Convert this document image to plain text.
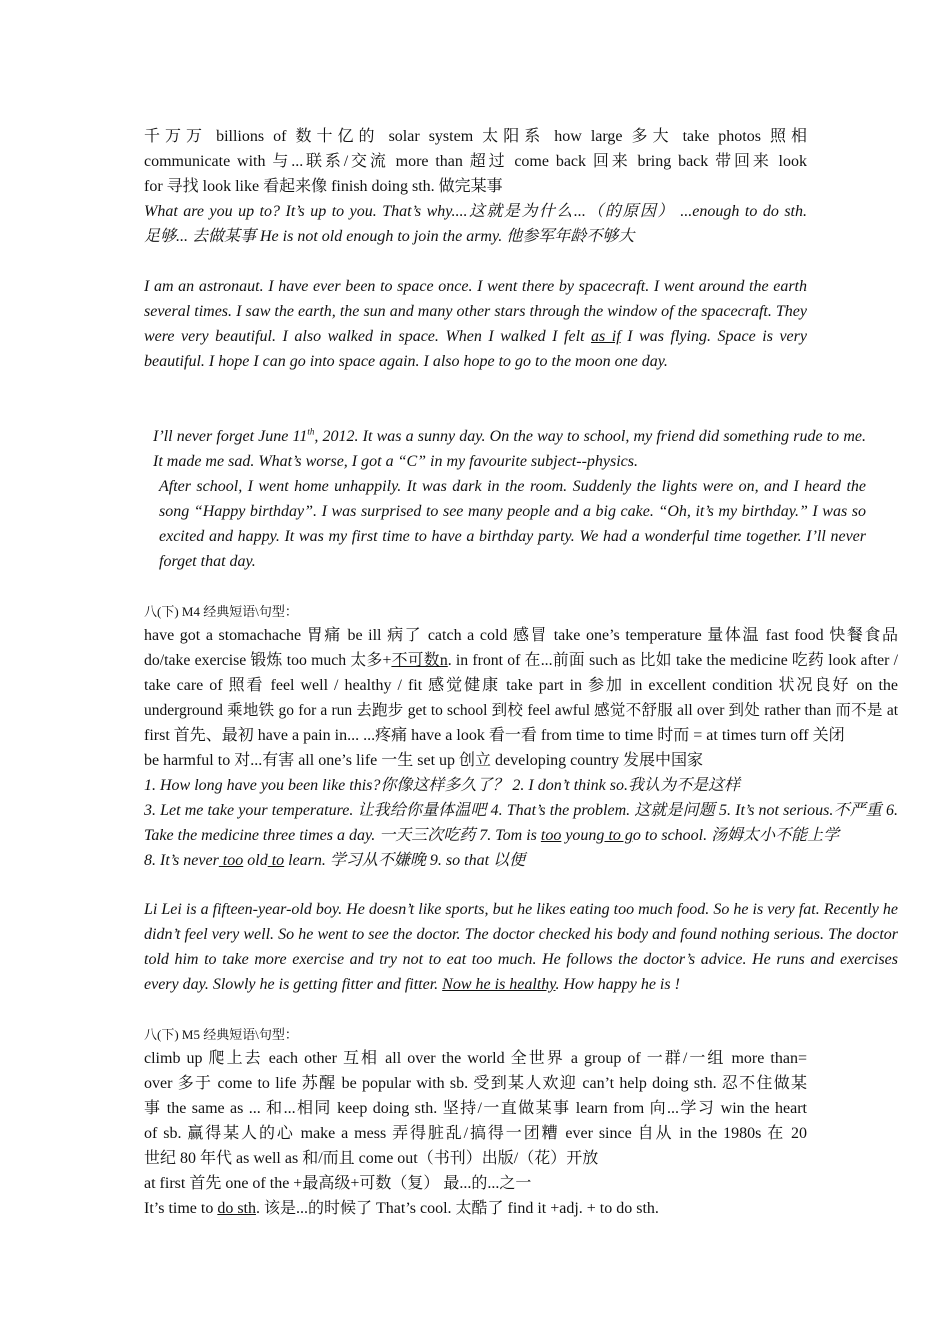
千万万 billions of 数十亿的 solar system 太阳系 how large 多大 take photos 照相
communicate with 与...联系/交流 more than 超过 come back 回来 bring back 带回来 look
for 寻找 look like 看起来像 finish doing sth. 做完某事
What are you up to? It’s up to you. That’s why....这就是为什么...（的原因） ...enough to do sth.
足够... 去做某事 He is not old enough to join the army. 他参军年龄不够大

I am an astronaut. I have ever been to space once. I went there by spacecraft. I went around the earth several times. I saw the earth, the sun and many other stars through the window of the spacecraft. They were very beautiful. I also walked in space. When I walked I felt as if I was flying. Space is very beautiful. I hope I can go into space again. I also hope to go to the moon one day.

I’ll never forget June 11th, 2012. It was a sunny day. On the way to school, my friend did something rude to me. It made me sad. What’s worse, I got a “C” in my favourite subject--physics.

After school, I went home unhappily. It was dark in the room. Suddenly the lights were on, and I heard the song “Happy birthday”. I was surprised to see many people and a big cake. “Oh, it’s my birthday.” I was so excited and happy. It was my first time to have a birthday party. We had a wonderful time together. I’ll never forget that day.

八(下) M4 经典短语\句型：
have got a stomachache 胃痛 be ill 病了 catch a cold 感冒 take one’s temperature 量体温 fast food 快餐食品
do/take exercise 锻炼 too much 太多+不可数n. in front of 在...前面 such as 比如 take the medicine 吃药 look after /
take care of 照看 feel well / healthy / fit 感觉健康 take part in 参加 in excellent condition 状况良好 on the
underground 乘地铁 go for a run 去跑步 get to school 到校 feel awful 感觉不舒服 all over 到处 rather than 而不是 at
first 首先、最初 have a pain in... ...疼痛 have a look 看一看 from time to time 时而 = at times turn off 关闭
be harmful to 对...有害 all one’s life 一生 set up 创立 developing country 发展中国家
1. How long have you been like this?你像这样多久了？ 2. I don’t think so.我认为不是这样
3. Let me take your temperature. 让我给你量体温吧 4. That’s the problem. 这就是问题 5. It’s not serious.不严重 6.
Take the medicine three times a day. 一天三次吃药 7. Tom is too young to go to school. 汤姆太小不能上学
8. It’s never too old to learn. 学习从不嫌晚 9. so that 以便

Li Lei is a fifteen-year-old boy. He doesn’t like sports, but he likes eating too much food. So he is very fat. Recently he didn’t feel very well. So he went to see the doctor. The doctor checked his body and found nothing serious. The doctor told him to take more exercise and try not to eat too much. He follows the doctor’s advice. He runs and exercises every day. Slowly he is getting fitter and fitter. Now he is healthy. How happy he is !

八(下) M5 经典短语\句型：
climb up 爬上去 each other 互相 all over the world 全世界 a group of 一群/一组 more than=
over 多于 come to life 苏醒 be popular with sb. 受到某人欢迎 can’t help doing sth. 忍不住做某
事 the same as ... 和...相同 keep doing sth. 坚持/一直做某事 learn from 向...学习 win the heart
of sb. 赢得某人的心 make a mess 弄得脏乱/搞得一团糟 ever since 自从 in the 1980s 在 20
世纪 80 年代 as well as 和/而且 come out（书刊）出版/（花）开放
at first 首先 one of the +最高级+可数（复） 最...的...之一
It’s time to do sth. 该是...的时候了 That’s cool. 太酷了 find it +adj. + to do sth.
